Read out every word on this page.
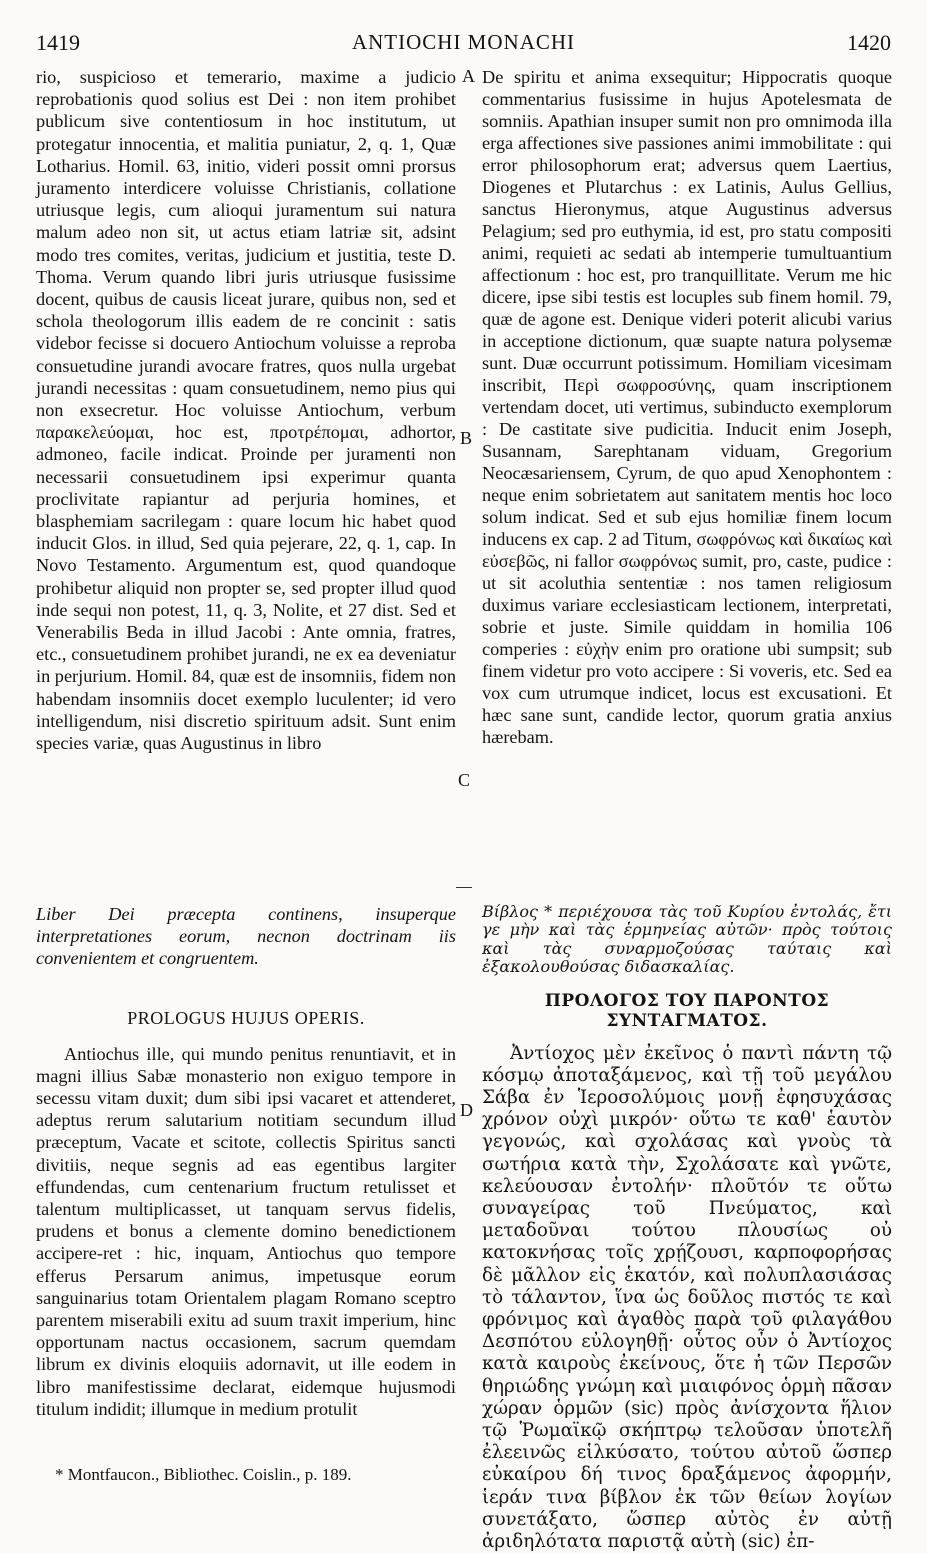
1419	ANTIOCHI MONACHI	1420

rio, suspicioso et temerario, maxime a judicio reprobationis quod solius est Dei : non item prohibet publicum sive contentiosum in hoc institutum, ut protegatur innocentia, et malitia puniatur, 2, q. 1, Quæ Lotharius. Homil. 63, initio, videri possit omni prorsus juramento interdicere voluisse Christianis, collatione utriusque legis, cum alioqui juramentum sui natura malum adeo non sit, ut actus etiam latriæ sit, adsint modo tres comites, veritas, judicium et justitia, teste D. Thoma. Verum quando libri juris utriusque fusissime docent, quibus de causis liceat jurare, quibus non, sed et schola theologorum illis eadem de re concinit : satis videbor fecisse si docuero Antiochum voluisse a reproba consuetudine jurandi avocare fratres, quos nulla urgebat jurandi necessitas : quam consuetudinem, nemo pius qui non exsecretur. Hoc voluisse Antiochum, verbum παρακελεύομαι, hoc est, προτρέπομαι, adhortor, admoneo, facile indicat. Proinde per juramenti non necessarii consuetudinem ipsi experimur quanta proclivitate rapiantur ad perjuria homines, et blasphemiam sacrilegam : quare locum hic habet quod inducit Glos. in illud, Sed quia pejerare, 22, q. 1, cap. In Novo Testamento. Argumentum est, quod quandoque prohibetur aliquid non propter se, sed propter illud quod inde sequi non potest, 11, q. 3, Nolite, et 27 dist. Sed et Venerabilis Beda in illud Jacobi : Ante omnia, fratres, etc., consuetudinem prohibet jurandi, ne ex ea deveniatur in perjurium. Homil. 84, quæ est de insomniis, fidem non habendam insomniis docet exemplo luculenter; id vero intelligendum, nisi discretio spirituum adsit. Sunt enim species variæ, quas Augustinus in libro

De spiritu et anima exsequitur; Hippocratis quoque commentarius fusissime in hujus Apotelesmata de somniis. Apathian insuper sumit non pro omnimoda illa erga affectiones sive passiones animi immobilitate : qui error philosophorum erat; adversus quem Laertius, Diogenes et Plutarchus : ex Latinis, Aulus Gellius, sanctus Hieronymus, atque Augustinus adversus Pelagium; sed pro euthymia, id est, pro statu compositi animi, requieti ac sedati ab intemperie tumultuantium affectionum : hoc est, pro tranquillitate. Verum me hic dicere, ipse sibi testis est locuples sub finem homil. 79, quæ de agone est. Denique videri poterit alicubi varius in acceptione dictionum, quæ suapte natura polysemæ sunt. Duæ occurrunt potissimum. Homiliam vicesimam inscribit, Περὶ σωφροσύνης, quam inscriptionem vertendam docet, uti vertimus, subinducto exemplorum : De castitate sive pudicitia. Inducit enim Joseph, Susannam, Sarephtanam viduam, Gregorium Neocæsariensem, Cyrum, de quo apud Xenophontem : neque enim sobrietatem aut sanitatem mentis hoc loco solum indicat. Sed et sub ejus homiliæ finem locum inducens ex cap. 2 ad Titum, σωφρόνως καὶ δικαίως καὶ εὐσεβῶς, ni fallor σωφρόνως sumit, pro, caste, pudice : ut sit acoluthia sententiæ : nos tamen religiosum duximus variare ecclesiasticam lectionem, interpretati, sobrie et juste. Simile quiddam in homilia 106 comperies : εὐχὴν enim pro oratione ubi sumpsit; sub finem videtur pro voto accipere : Si voveris, etc. Sed ea vox cum utrumque indicet, locus est excusationi. Et hæc sane sunt, candide lector, quorum gratia anxius hærebam.

A
B
C
D

Liber Dei præcepta continens, insuperque interpretationes eorum, necnon doctrinam iis convenientem et congruentem.

PROLOGUS HUJUS OPERIS.

Antiochus ille, qui mundo penitus renuntiavit, et in magni illius Sabæ monasterio non exiguo tempore in secessu vitam duxit; dum sibi ipsi vacaret et attenderet, adeptus rerum salutarium notitiam secundum illud præceptum, Vacate et scitote, collectis Spiritus sancti divitiis, neque segnis ad eas egentibus largiter effundendas, cum centenarium fructum retulisset et talentum multiplicasset, ut tanquam servus fidelis, prudens et bonus a clemente domino benedictionem accipere-ret : hic, inquam, Antiochus quo tempore efferus Persarum animus, impetusque eorum sanguinarius totam Orientalem plagam Romano sceptro parentem miserabili exitu ad suum traxit imperium, hinc opportunam nactus occasionem, sacrum quemdam librum ex divinis eloquiis adornavit, ut ille eodem in libro manifestissime declarat, eidemque hujusmodi titulum indidit; illumque in medium protulit

Βίβλος * περιέχουσα τὰς τοῦ Κυρίου ἐντολάς, ἔτι γε μὴν καὶ τὰς ἑρμηνείας αὐτῶν· πρὸς τούτοις καὶ τὰς συναρμοζούσας ταύταις καὶ ἐξακολουθούσας διδασκαλίας.

ΠΡΟΛΟΓΟΣ ΤΟΥ ΠΑΡΟΝΤΟΣ ΣΥΝΤΑΓΜΑΤΟΣ.

Ἀντίοχος μὲν ἐκεῖνος ὁ παντὶ πάντη τῷ κόσμῳ ἀποταξάμενος, καὶ τῇ τοῦ μεγάλου Σάβα ἐν Ἱεροσολύμοις μονῇ ἐφησυχάσας χρόνον οὐχὶ μικρόν· οὕτω τε καθ' ἑαυτὸν γεγονώς, καὶ σχολάσας καὶ γνοὺς τὰ σωτήρια κατὰ τὴν, Σχολάσατε καὶ γνῶτε, κελεύουσαν ἐντολήν· πλοῦτόν τε οὕτω συναγείρας τοῦ Πνεύματος, καὶ μεταδοῦναι τούτου πλουσίως οὐ κατοκνήσας τοῖς χρῄζουσι, καρποφορήσας δὲ μᾶλλον εἰς ἑκατόν, καὶ πολυπλασιάσας τὸ τάλαντον, ἵνα ὡς δοῦλος πιστός τε καὶ φρόνιμος καὶ ἀγαθὸς παρὰ τοῦ φιλαγάθου Δεσπότου εὐλογηθῇ· οὗτος οὖν ὁ Ἀντίοχος κατὰ καιροὺς ἐκείνους, ὅτε ἡ τῶν Περσῶν θηριώδης γνώμη καὶ μιαιφόνος ὁρμὴ πᾶσαν χώραν ὁρμῶν (sic) πρὸς ἀνίσχοντα ἥλιον τῷ Ῥωμαϊκῷ σκήπτρῳ τελοῦσαν ὑποτελῆ ἐλεεινῶς εἱλκύσατο, τούτου αὐτοῦ ὥσπερ εὐκαίρου δή τινος δραξάμενος ἀφορμήν, ἱεράν τινα βίβλον ἐκ τῶν θείων λογίων συνετάξατο, ὥσπερ αὐτὸς ἐν αὐτῇ ἀριδηλότατα παριστᾷ αὐτὴ (sic) ἐπ-

* Montfaucon., Bibliothec. Coislin., p. 189.
